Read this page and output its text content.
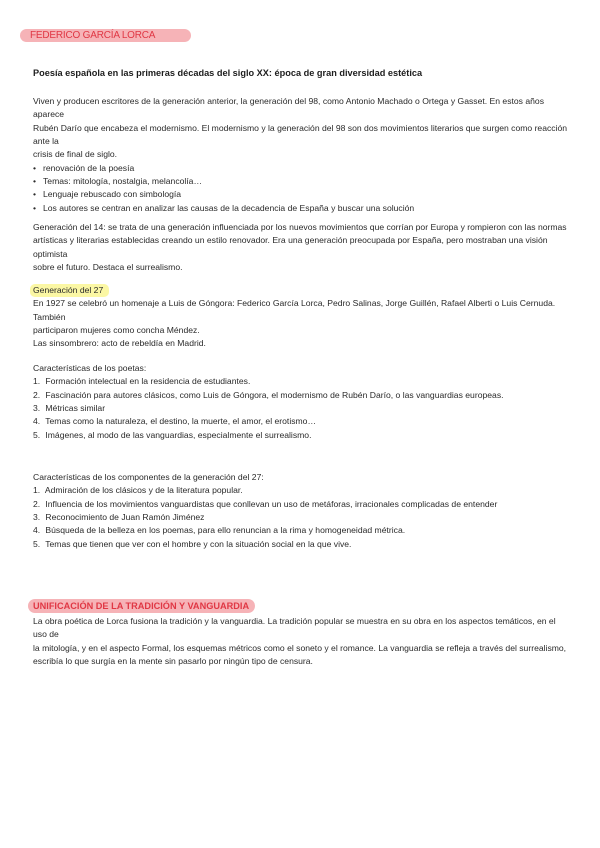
FEDERICO GARCÍA LORCA
Poesía española en las primeras décadas del siglo XX: época de gran diversidad estética

Viven y producen escritores de la generación anterior, la generación del 98, como Antonio Machado o Ortega y Gasset. En estos años aparece

Rubén Darío que encabeza el modernismo. El modernismo y la generación del 98 son dos movimientos literarios que surgen como reacción ante la

crisis de final de siglo.

• renovación de la poesía
• Temas: mitología, nostalgia, melancolía…
• Lenguaje rebuscado con simbología
• Los autores se centran en analizar las causas de la decadencia de España y buscar una solución

Generación del 14: se trata de una generación influenciada por los nuevos movimientos que corrían por Europa y rompieron con las normas

artísticas y literarias establecidas creando un estilo renovador. Era una generación preocupada por España, pero mostraban una visión optimista

sobre el futuro. Destaca el surrealismo.

Generación del 27

En 1927 se celebró un homenaje a Luis de Góngora: Federico García Lorca, Pedro Salinas, Jorge Guillén, Rafael Alberti o Luis Cernuda. También

participaron mujeres como concha Méndez.

Las sinsombrero: acto de rebeldía en Madrid.

Características de los poetas:

1. Formación intelectual en la residencia de estudiantes.
2. Fascinación para autores clásicos, como Luis de Góngora, el modernismo de Rubén Darío, o las vanguardias europeas.
3. Métricas similar
4. Temas como la naturaleza, el destino, la muerte, el amor, el erotismo…
5. Imágenes, al modo de las vanguardias, especialmente el surrealismo.

Características de los componentes de la generación del 27:

1. Admiración de los clásicos y de la literatura popular.
2. Influencia de los movimientos vanguardistas que conllevan un uso de metáforas, irracionales complicadas de entender
3. Reconocimiento de Juan Ramón Jiménez
4. Búsqueda de la belleza en los poemas, para ello renuncian a la rima y homogeneidad métrica.
5. Temas que tienen que ver con el hombre y con la situación social en la que vive.
UNIFICACIÓN DE LA TRADICIÓN Y VANGUARDIA

La obra poética de Lorca fusiona la tradición y la vanguardia. La tradición popular se muestra en su obra en los aspectos temáticos, en el uso de

la mitología, y en el aspecto Formal, los esquemas métricos como el soneto y el romance. La vanguardia se refleja a través del surrealismo,

escribía lo que surgía en la mente sin pasarlo por ningún tipo de censura.
